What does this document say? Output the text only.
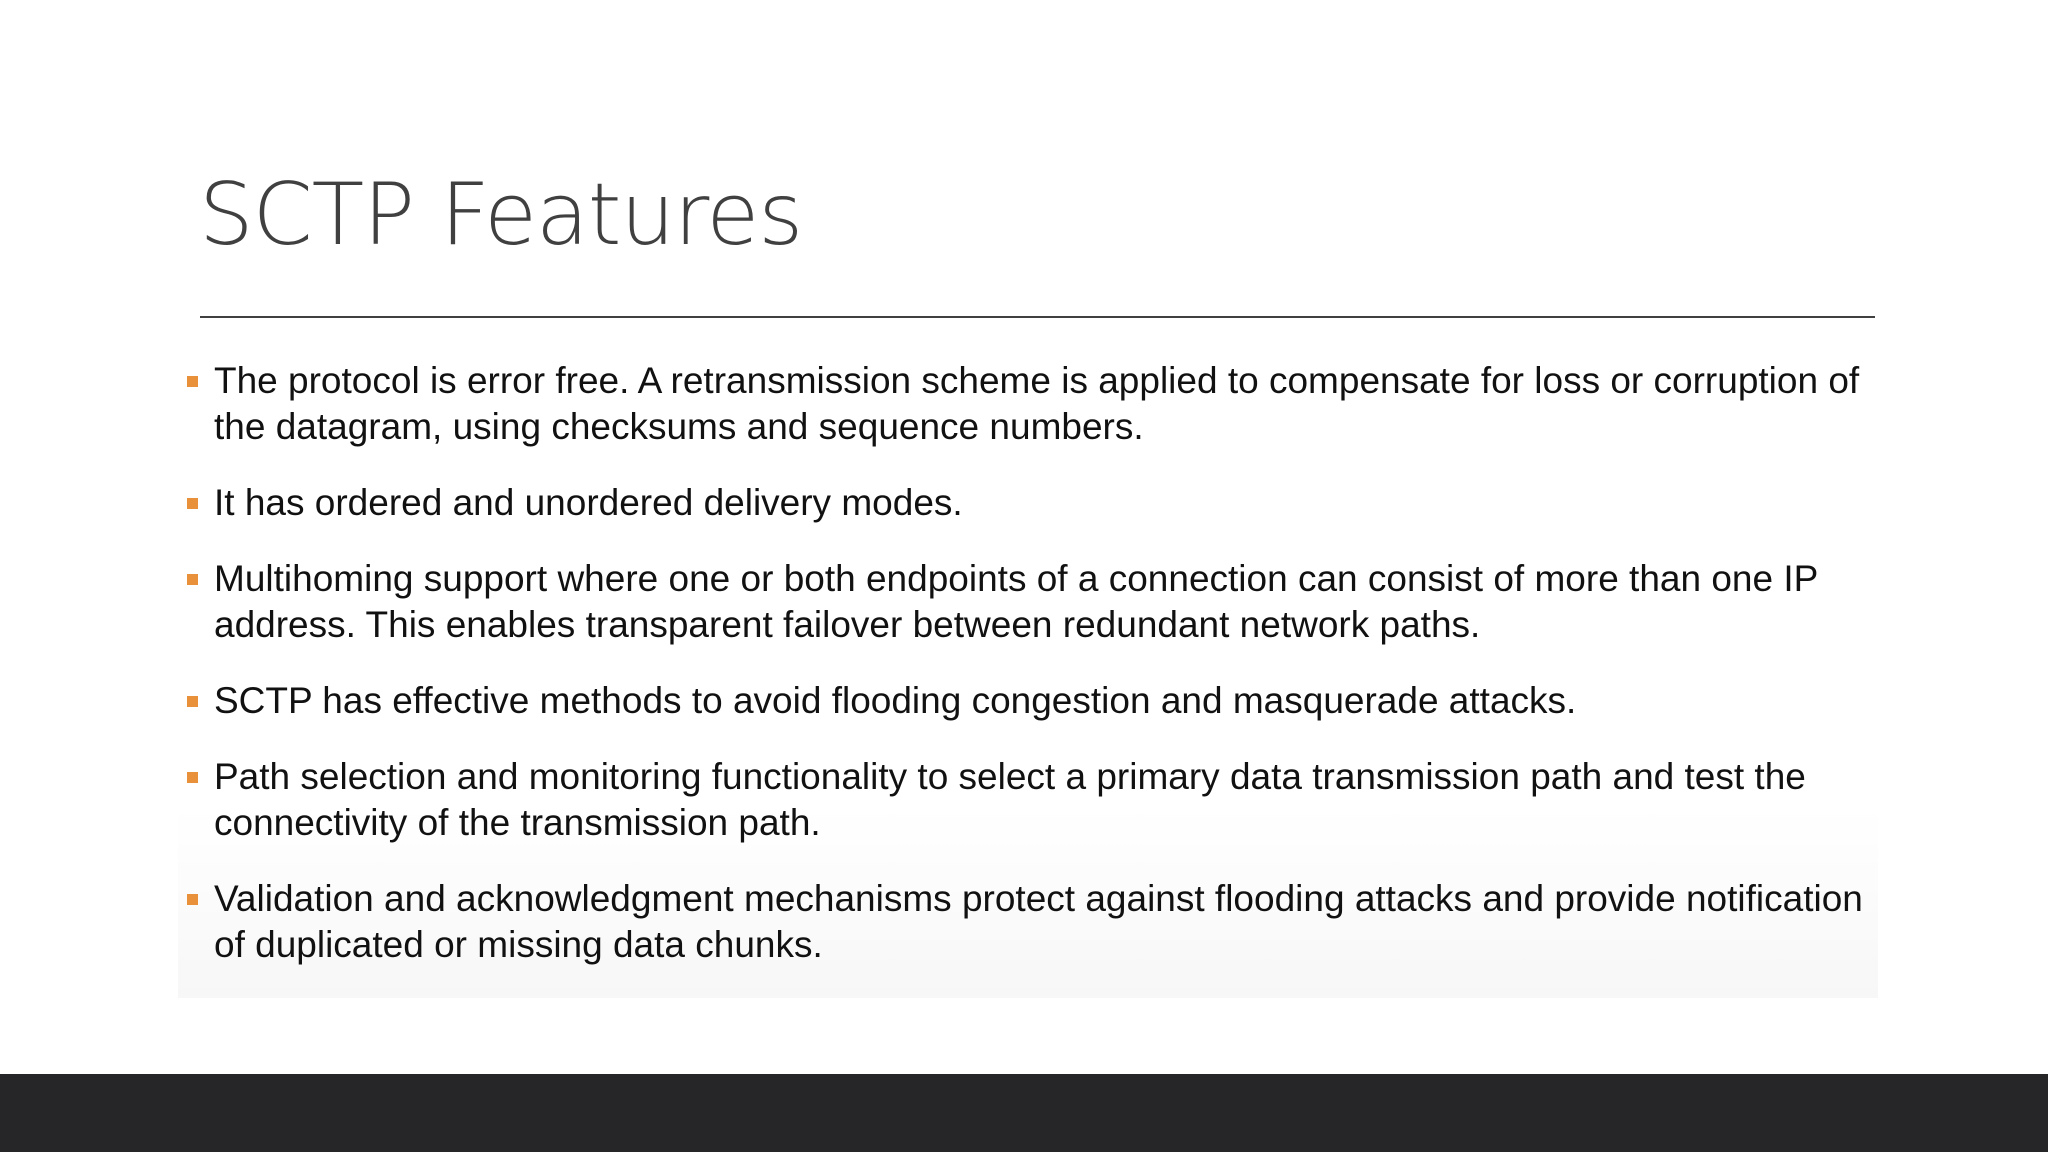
SCTP Features
The protocol is error free. A retransmission scheme is applied to compensate for loss or corruption of the datagram, using checksums and sequence numbers.
It has ordered and unordered delivery modes.
Multihoming support where one or both endpoints of a connection can consist of more than one IP address. This enables transparent failover between redundant network paths.
SCTP has effective methods to avoid flooding congestion and masquerade attacks.
Path selection and monitoring functionality to select a primary data transmission path and test the connectivity of the transmission path.
Validation and acknowledgment mechanisms protect against flooding attacks and provide notification of duplicated or missing data chunks.
